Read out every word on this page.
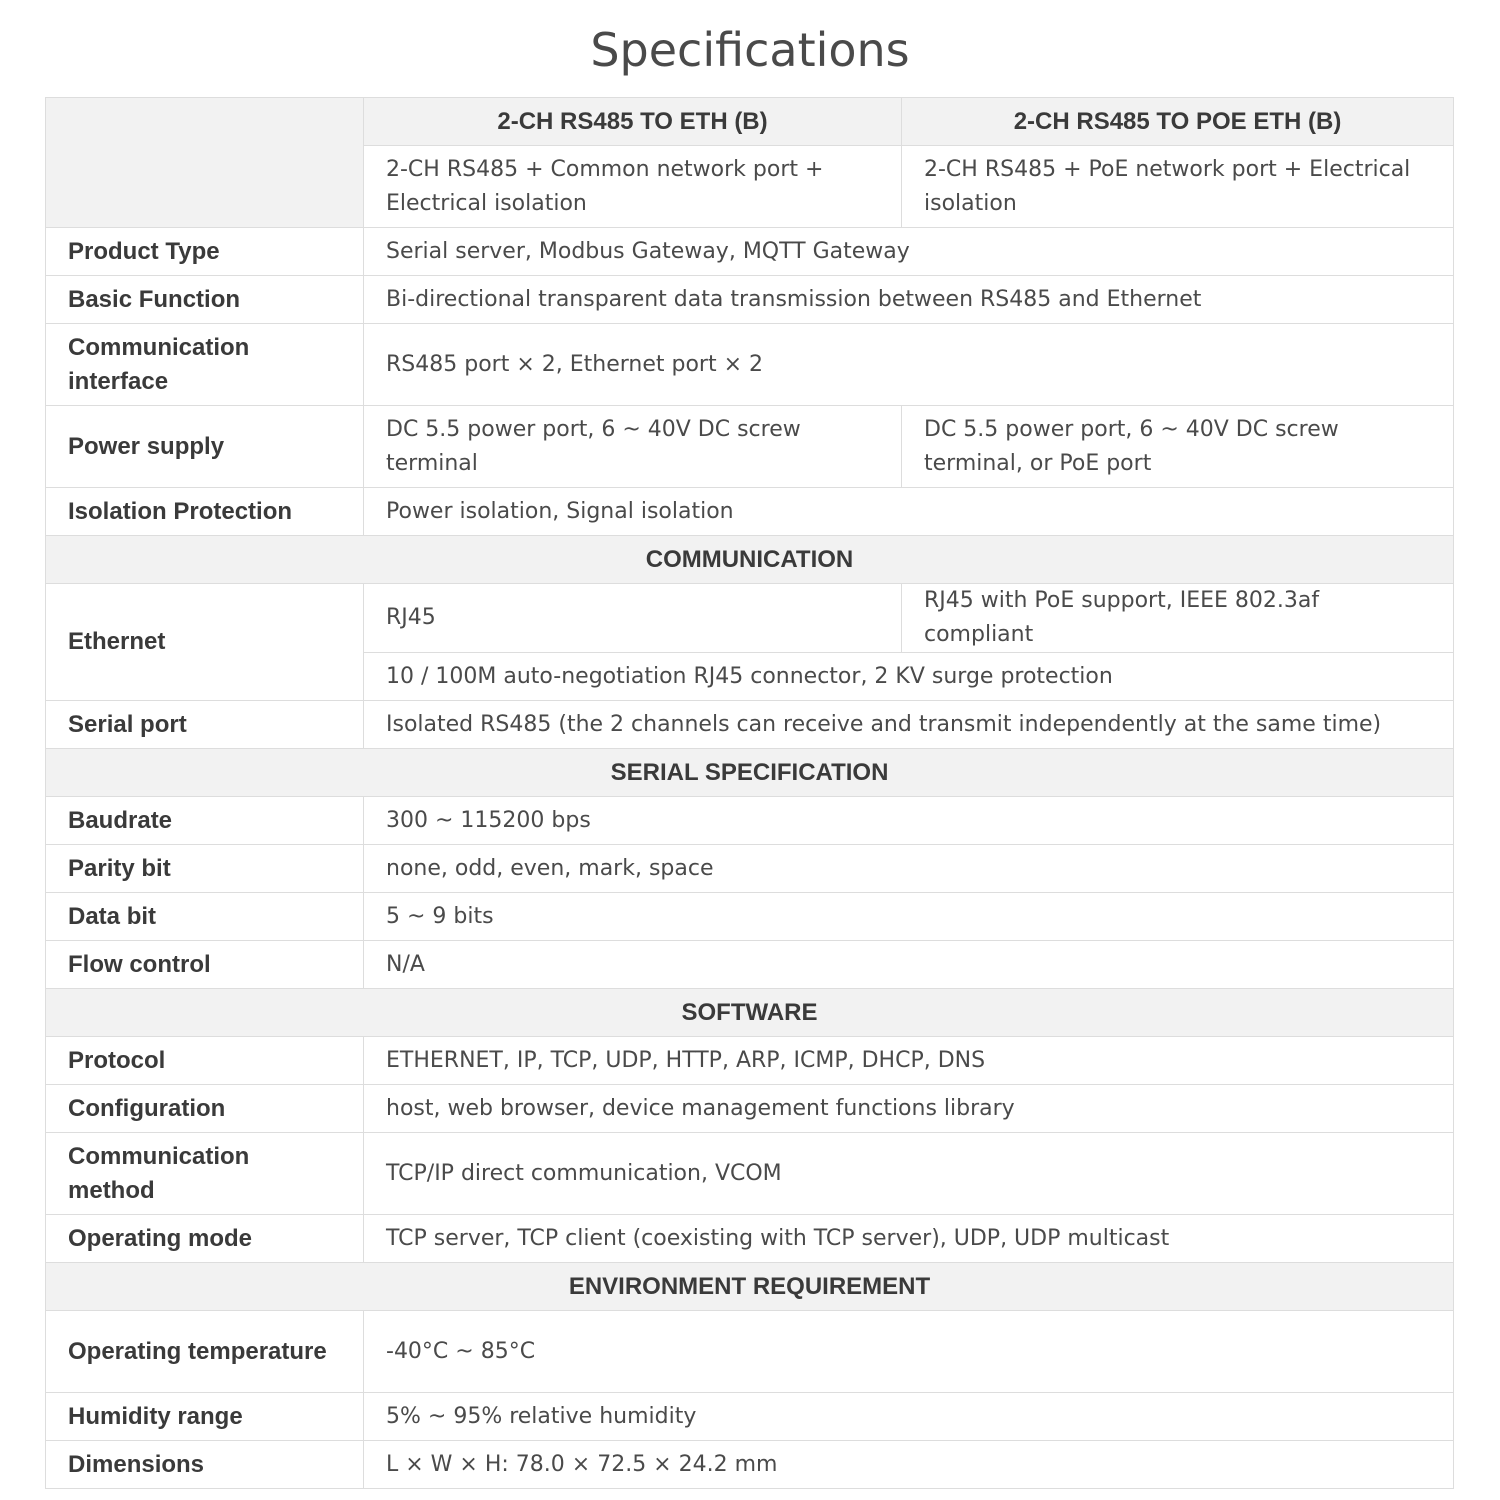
Specifications
	2-CH RS485 TO ETH (B)	2-CH RS485 TO POE ETH (B)
	2-CH RS485 + Common network port + Electrical isolation	2-CH RS485 + PoE network port + Electrical isolation
Product Type	Serial server, Modbus Gateway, MQTT Gateway	
Basic Function	Bi-directional transparent data transmission between RS485 and Ethernet	
Communication interface	RS485 port × 2, Ethernet port × 2	
Power supply	DC 5.5 power port, 6 ~ 40V DC screw terminal	DC 5.5 power port, 6 ~ 40V DC screw terminal, or PoE port
Isolation Protection	Power isolation, Signal isolation	
COMMUNICATION		
Ethernet	RJ45	RJ45 with PoE support, IEEE 802.3af compliant
	10 / 100M auto-negotiation RJ45 connector, 2 KV surge protection	
Serial port	Isolated RS485 (the 2 channels can receive and transmit independently at the same time)	
SERIAL SPECIFICATION		
Baudrate	300 ~ 115200 bps	
Parity bit	none, odd, even, mark, space	
Data bit	5 ~ 9 bits	
Flow control	N/A	
SOFTWARE		
Protocol	ETHERNET, IP, TCP, UDP, HTTP, ARP, ICMP, DHCP, DNS	
Configuration	host, web browser, device management functions library	
Communication method	TCP/IP direct communication, VCOM	
Operating mode	TCP server, TCP client (coexisting with TCP server), UDP, UDP multicast	
ENVIRONMENT REQUIREMENT		
Operating temperature	-40°C ~ 85°C	
Humidity range	5% ~ 95% relative humidity	
Dimensions	L × W × H: 78.0 × 72.5 × 24.2 mm	
